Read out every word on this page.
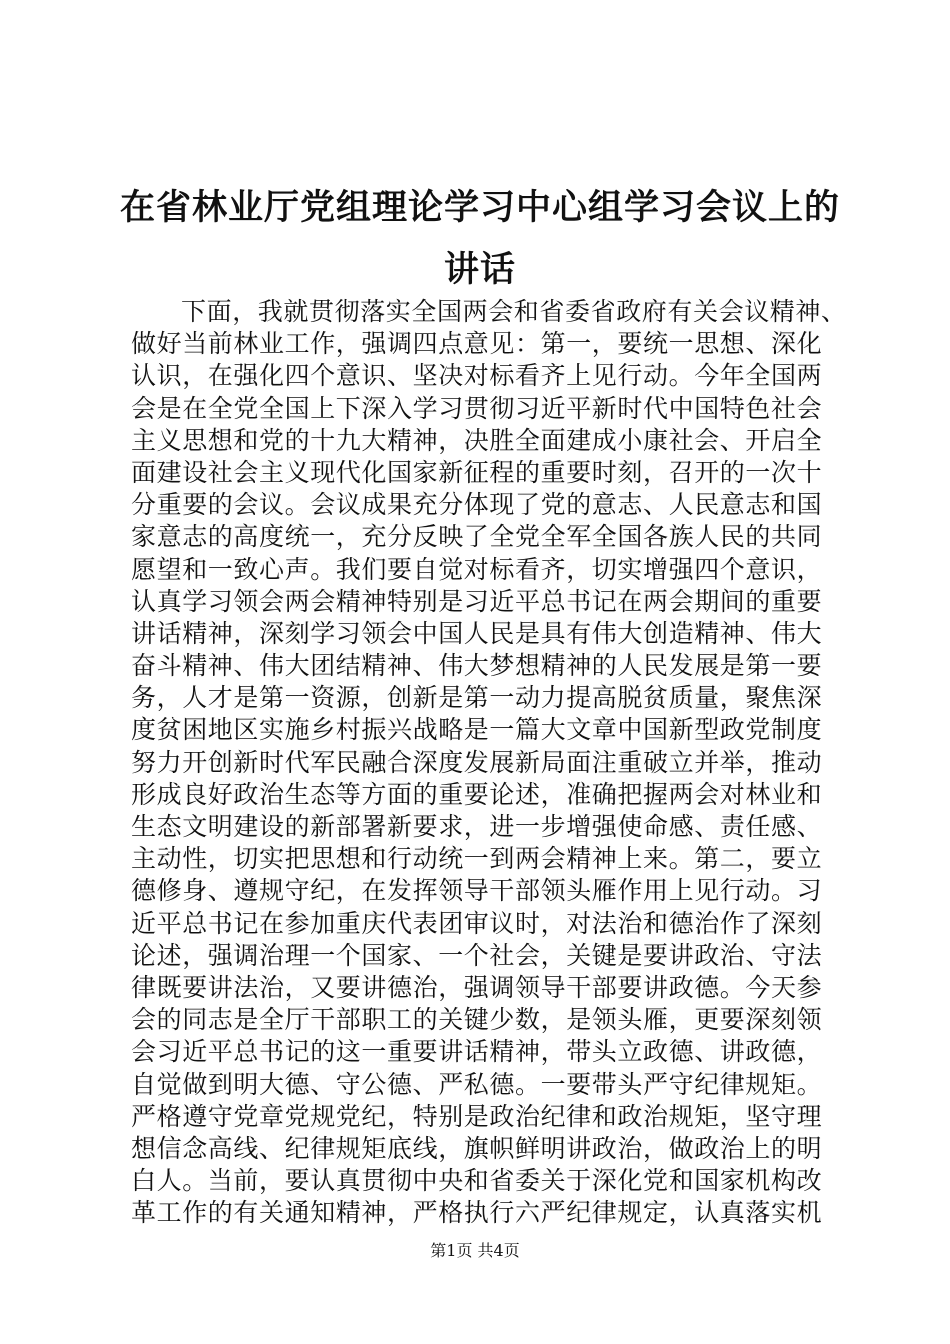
在省林业厅党组理论学习中心组学习会议上的
讲话
下面，我就贯彻落实全国两会和省委省政府有关会议精神、
做好当前林业工作，强调四点意见：第一，要统一思想、深化
认识，在强化四个意识、坚决对标看齐上见行动。今年全国两
会是在全党全国上下深入学习贯彻习近平新时代中国特色社会
主义思想和党的十九大精神，决胜全面建成小康社会、开启全
面建设社会主义现代化国家新征程的重要时刻，召开的一次十
分重要的会议。会议成果充分体现了党的意志、人民意志和国
家意志的高度统一，充分反映了全党全军全国各族人民的共同
愿望和一致心声。我们要自觉对标看齐，切实增强四个意识，
认真学习领会两会精神特别是习近平总书记在两会期间的重要
讲话精神，深刻学习领会中国人民是具有伟大创造精神、伟大
奋斗精神、伟大团结精神、伟大梦想精神的人民发展是第一要
务，人才是第一资源，创新是第一动力提高脱贫质量，聚焦深
度贫困地区实施乡村振兴战略是一篇大文章中国新型政党制度
努力开创新时代军民融合深度发展新局面注重破立并举，推动
形成良好政治生态等方面的重要论述，准确把握两会对林业和
生态文明建设的新部署新要求，进一步增强使命感、责任感、
主动性，切实把思想和行动统一到两会精神上来。第二，要立
德修身、遵规守纪，在发挥领导干部领头雁作用上见行动。习
近平总书记在参加重庆代表团审议时，对法治和德治作了深刻
论述，强调治理一个国家、一个社会，关键是要讲政治、守法
律既要讲法治，又要讲德治，强调领导干部要讲政德。今天参
会的同志是全厅干部职工的关键少数，是领头雁，更要深刻领
会习近平总书记的这一重要讲话精神，带头立政德、讲政德，
自觉做到明大德、守公德、严私德。一要带头严守纪律规矩。
严格遵守党章党规党纪，特别是政治纪律和政治规矩，坚守理
想信念高线、纪律规矩底线，旗帜鲜明讲政治，做政治上的明
白人。当前，要认真贯彻中央和省委关于深化党和国家机构改
革工作的有关通知精神，严格执行六严纪律规定，认真落实机
第1页 共4页
